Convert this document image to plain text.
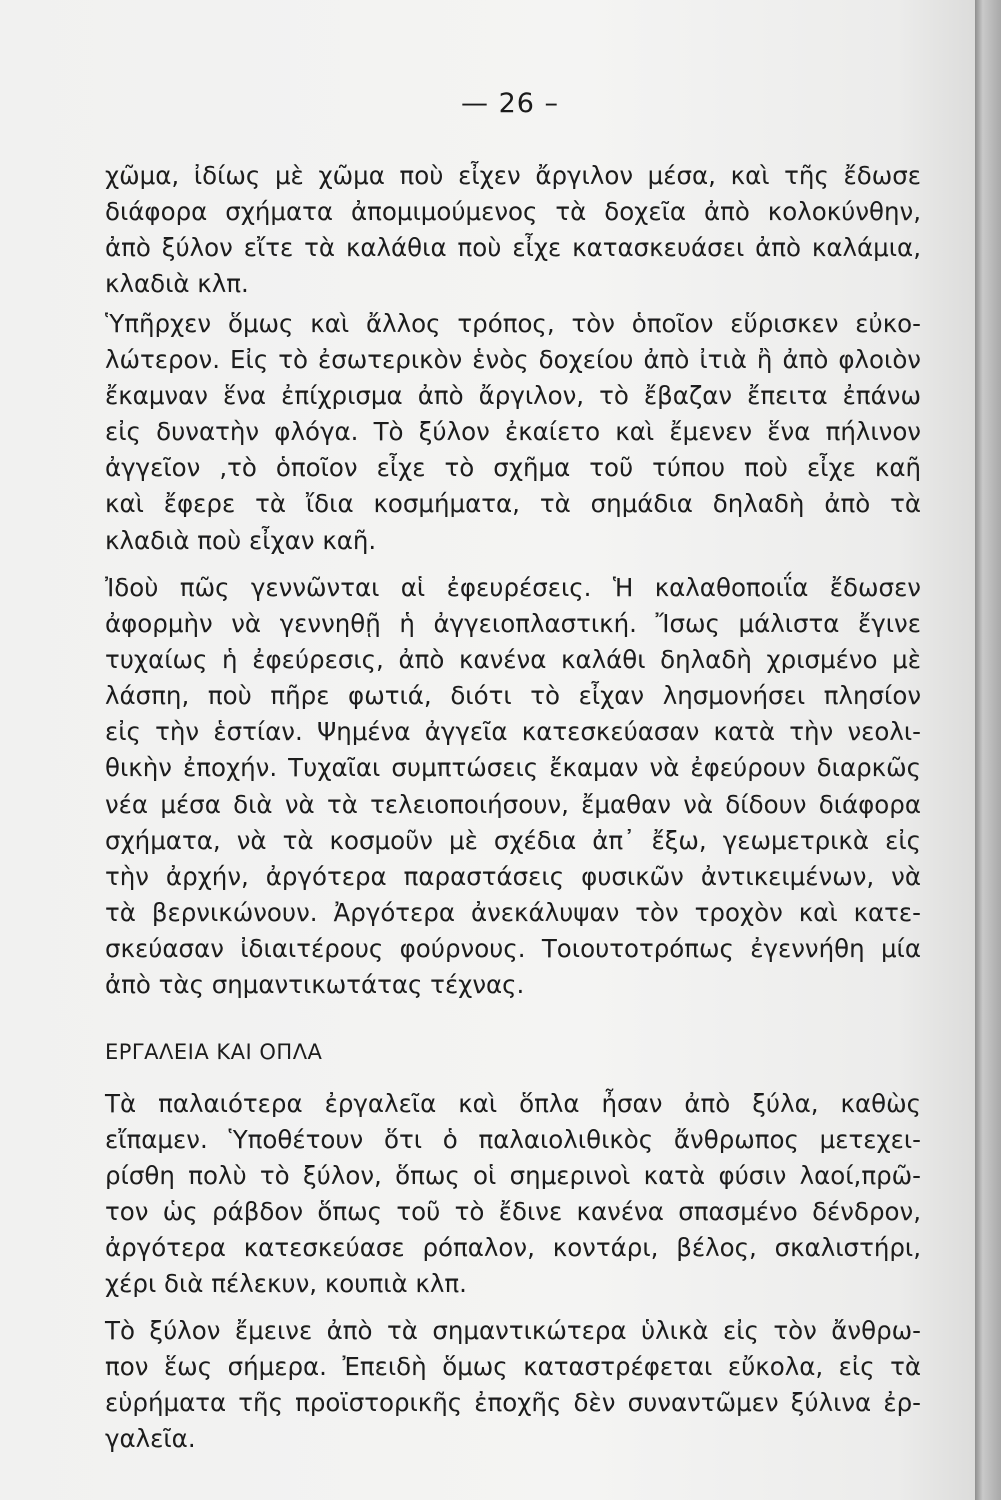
— 26 –
χῶμα, ἰδίως μὲ χῶμα ποὺ εἶχεν ἄργιλον μέσα, καὶ τῆς ἔδωσε
διάφορα σχήματα ἀπομιμούμενος τὰ δοχεῖα ἀπὸ κολοκύνθην,
ἀπὸ ξύλον εἴτε τὰ καλάθια ποὺ εἶχε κατασκευάσει ἀπὸ καλάμια,
κλαδιὰ κλπ.
Ὑπῆρχεν ὅμως καὶ ἄλλος τρόπος, τὸν ὁποῖον εὕρισκεν εὐκο-
λώτερον. Εἰς τὸ ἐσωτερικὸν ἑνὸς δοχείου ἀπὸ ἰτιὰ ἢ ἀπὸ φλοιὸν
ἔκαμναν ἕνα ἐπίχρισμα ἀπὸ ἄργιλον, τὸ ἔβαζαν ἔπειτα ἐπάνω
εἰς δυνατὴν φλόγα. Τὸ ξύλον ἐκαίετο καὶ ἔμενεν ἕνα πήλινον
ἀγγεῖον ,τὸ ὁποῖον εἶχε τὸ σχῆμα τοῦ τύπου ποὺ εἶχε καῆ
καὶ ἔφερε τὰ ἴδια κοσμήματα, τὰ σημάδια δηλαδὴ ἀπὸ τὰ
κλαδιὰ ποὺ εἶχαν καῆ.
Ἰδοὺ πῶς γεννῶνται αἱ ἐφευρέσεις. Ἡ καλαθοποιΐα ἔδωσεν
ἀφορμὴν νὰ γεννηθῇ ἡ ἀγγειοπλαστική. Ἴσως μάλιστα ἔγινε
τυχαίως ἡ ἐφεύρεσις, ἀπὸ κανένα καλάθι δηλαδὴ χρισμένο μὲ
λάσπη, ποὺ πῆρε φωτιά, διότι τὸ εἶχαν λησμονήσει πλησίον
εἰς τὴν ἑστίαν. Ψημένα ἀγγεῖα κατεσκεύασαν κατὰ τὴν νεολι-
θικὴν ἐποχήν. Τυχαῖαι συμπτώσεις ἔκαμαν νὰ ἐφεύρουν διαρκῶς
νέα μέσα διὰ νὰ τὰ τελειοποιήσουν, ἔμαθαν νὰ δίδουν διάφορα
σχήματα, νὰ τὰ κοσμοῦν μὲ σχέδια ἀπ᾿ ἔξω, γεωμετρικὰ εἰς
τὴν ἀρχήν, ἀργότερα παραστάσεις φυσικῶν ἀντικειμένων, νὰ
τὰ βερνικώνουν. Ἀργότερα ἀνεκάλυψαν τὸν τροχὸν καὶ κατε-
σκεύασαν ἰδιαιτέρους φούρνους. Τοιουτοτρόπως ἐγεννήθη μία
ἀπὸ τὰς σημαντικωτάτας τέχνας.
ΕΡΓΑΛΕΙΑ ΚΑΙ ΟΠΛΑ
Τὰ παλαιότερα ἐργαλεῖα καὶ ὅπλα ἦσαν ἀπὸ ξύλα, καθὼς
εἴπαμεν. Ὑποθέτουν ὅτι ὁ παλαιολιθικὸς ἄνθρωπος μετεχει-
ρίσθη πολὺ τὸ ξύλον, ὅπως οἱ σημερινοὶ κατὰ φύσιν λαοί,πρῶ-
τον ὡς ράβδον ὅπως τοῦ τὸ ἔδινε κανένα σπασμένο δένδρον,
ἀργότερα κατεσκεύασε ρόπαλον, κοντάρι, βέλος, σκαλιστήρι,
χέρι διὰ πέλεκυν, κουπιὰ κλπ.
Τὸ ξύλον ἔμεινε ἀπὸ τὰ σημαντικώτερα ὑλικὰ εἰς τὸν ἄνθρω-
πον ἕως σήμερα. Ἐπειδὴ ὅμως καταστρέφεται εὔκολα, εἰς τὰ
εὑρήματα τῆς προϊστορικῆς ἐποχῆς δὲν συναντῶμεν ξύλινα ἐρ-
γαλεῖα.
